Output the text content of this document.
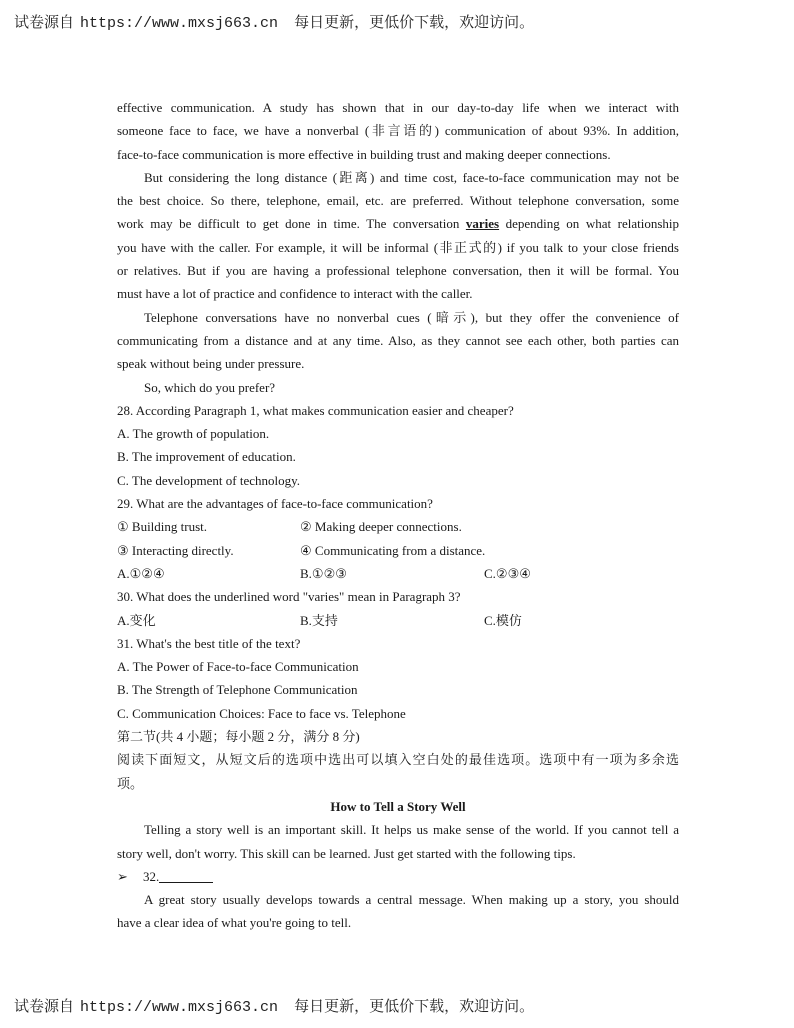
试卷源自 https://www.mxsj663.cn 每日更新，更低价下载，欢迎访问。
effective communication. A study has shown that in our day-to-day life when we interact with
someone face to face, we have a nonverbal (非言语的) communication of about 93%. In addition,
face-to-face communication is more effective in building trust and making deeper connections.
But considering the long distance (距离) and time cost, face-to-face communication may not be
the best choice. So there, telephone, email, etc. are preferred. Without telephone conversation, some
work may be difficult to get done in time. The conversation varies depending on what relationship
you have with the caller. For example, it will be informal (非正式的) if you talk to your close friends
or relatives. But if you are having a professional telephone conversation, then it will be formal. You
must have a lot of practice and confidence to interact with the caller.
Telephone conversations have no nonverbal cues (暗示), but they offer the convenience of
communicating from a distance and at any time. Also, as they cannot see each other, both parties can
speak without being under pressure.
So, which do you prefer?
28. According Paragraph 1, what makes communication easier and cheaper?
A. The growth of population.
B. The improvement of education.
C. The development of technology.
29. What are the advantages of face-to-face communication?
① Building trust.	② Making deeper connections.
③ Interacting directly.	④ Communicating from a distance.
A.①②④	B.①②③	C.②③④
30. What does the underlined word "varies" mean in Paragraph 3?
A.变化	B.支持	C.模仿
31. What's the best title of the text?
A. The Power of Face-to-face Communication
B. The Strength of Telephone Communication
C. Communication Choices: Face to face vs. Telephone
第二节(共 4 小题；每小题 2 分，满分 8 分)
阅读下面短文，从短文后的选项中选出可以填入空白处的最佳选项。选项中有一项为多余选
项。
How to Tell a Story Well
Telling a story well is an important skill. It helps us make sense of the world. If you cannot tell a
story well, don't worry. This skill can be learned. Just get started with the following tips.
➢ 32.
A great story usually develops towards a central message. When making up a story, you should
have a clear idea of what you're going to tell.
试卷源自 https://www.mxsj663.cn 每日更新，更低价下载，欢迎访问。
